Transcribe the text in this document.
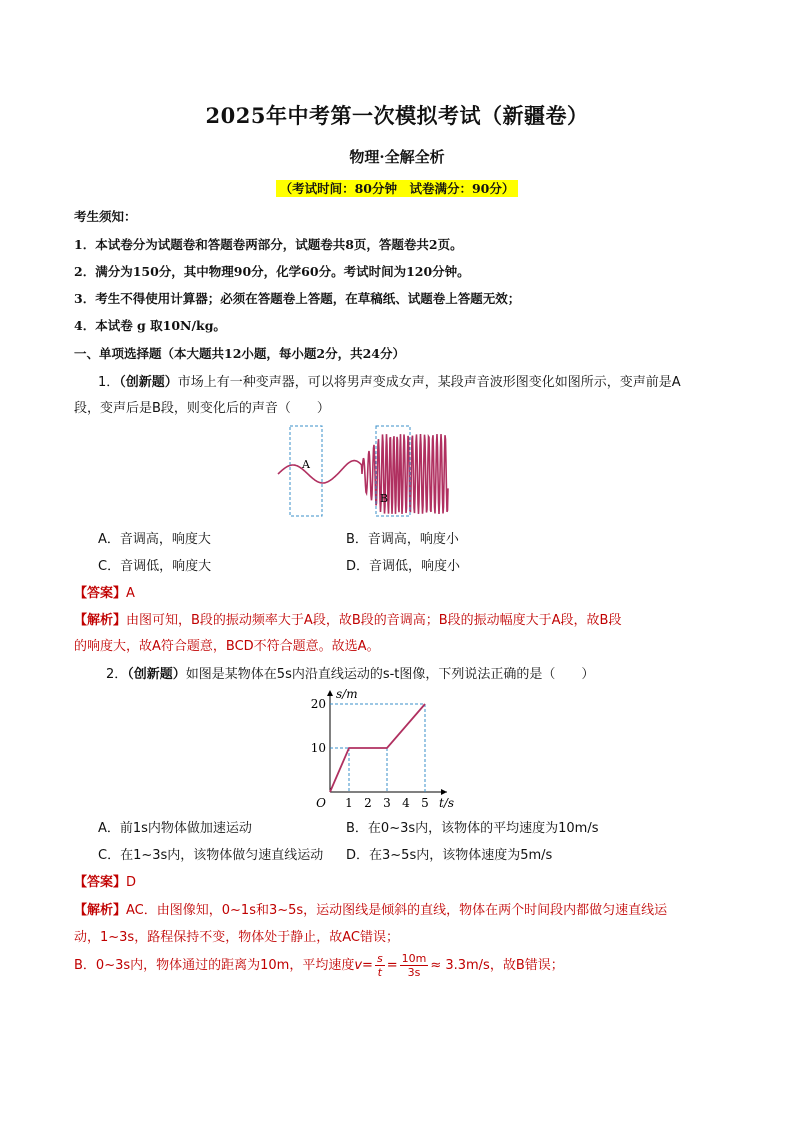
2025年中考第一次模拟考试（新疆卷）
物理·全解全析
（考试时间：80分钟　试卷满分：90分）
考生须知：
1．本试卷分为试题卷和答题卷两部分，试题卷共8页，答题卷共2页。
2．满分为150分，其中物理90分，化学60分。考试时间为120分钟。
3．考生不得使用计算器；必须在答题卷上答题，在草稿纸、试题卷上答题无效；
4．本试卷 g 取10N/kg。
一、单项选择题（本大题共12小题，每小题2分，共24分）
1．（创新题）市场上有一种变声器，可以将男声变成女声，某段声音波形图变化如图所示，变声前是A
段，变声后是B段，则变化后的声音（　　）
A
B
A．音调高，响度大	B．音调高，响度小
C．音调低，响度大	D．音调低，响度小
【答案】A
【解析】由图可知，B段的振动频率大于A段，故B段的音调高；B段的振动幅度大于A段，故B段
的响度大，故A符合题意，BCD不符合题意。故选A。
2．（创新题）如图是某物体在5s内沿直线运动的s-t图像，下列说法正确的是（　　）
1 2 3 4 5
10
20
O	t/s
s/m
A．前1s内物体做加速运动	B．在0~3s内，该物体的平均速度为10m/s
C．在1~3s内，该物体做匀速直线运动 D．在3~5s内，该物体速度为5m/s
【答案】D
【解析】AC．由图像知，0~1s和3~5s，运动图线是倾斜的直线，物体在两个时间段内都做匀速直线运
动，1~3s，路程保持不变，物体处于静止，故AC错误；
B．0~3s内，物体通过的距离为10m，平均速度$v= \frac{s}{t} = \frac{10m}{3s} \approx 3.3m/s$，故B错误；
